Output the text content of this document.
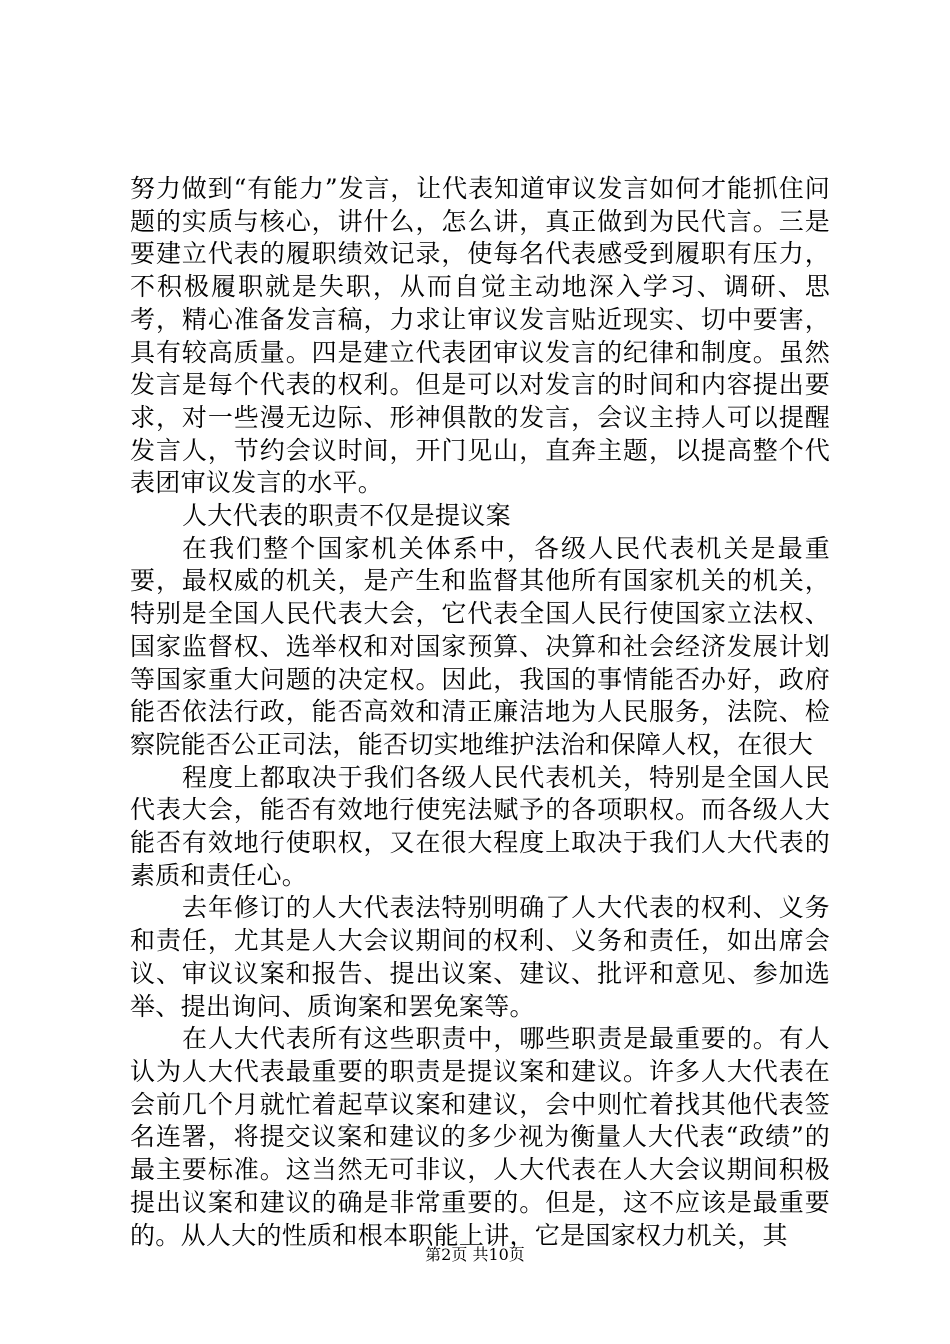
努力做到“有能力”发言，让代表知道审议发言如何才能抓住问题的实质与核心，讲什么，怎么讲，真正做到为民代言。三是要建立代表的履职绩效记录，使每名代表感受到履职有压力，不积极履职就是失职，从而自觉主动地深入学习、调研、思考，精心准备发言稿，力求让审议发言贴近现实、切中要害，具有较高质量。四是建立代表团审议发言的纪律和制度。虽然发言是每个代表的权利。但是可以对发言的时间和内容提出要求，对一些漫无边际、形神俱散的发言，会议主持人可以提醒发言人，节约会议时间，开门见山，直奔主题，以提高整个代表团审议发言的水平。

人大代表的职责不仅是提议案

在我们整个国家机关体系中，各级人民代表机关是最重要，最权威的机关，是产生和监督其他所有国家机关的机关，特别是全国人民代表大会，它代表全国人民行使国家立法权、国家监督权、选举权和对国家预算、决算和社会经济发展计划等国家重大问题的决定权。因此，我国的事情能否办好，政府能否依法行政，能否高效和清正廉洁地为人民服务，法院、检察院能否公正司法，能否切实地维护法治和保障人权，在很大

程度上都取决于我们各级人民代表机关，特别是全国人民代表大会，能否有效地行使宪法赋予的各项职权。而各级人大能否有效地行使职权，又在很大程度上取决于我们人大代表的素质和责任心。

去年修订的人大代表法特别明确了人大代表的权利、义务和责任，尤其是人大会议期间的权利、义务和责任，如出席会议、审议议案和报告、提出议案、建议、批评和意见、参加选举、提出询问、质询案和罢免案等。

在人大代表所有这些职责中，哪些职责是最重要的。有人认为人大代表最重要的职责是提议案和建议。许多人大代表在会前几个月就忙着起草议案和建议，会中则忙着找其他代表签名连署，将提交议案和建议的多少视为衡量人大代表“政绩”的最主要标准。这当然无可非议，人大代表在人大会议期间积极提出议案和建议的确是非常重要的。但是，这不应该是最重要的。从人大的性质和根本职能上讲，它是国家权力机关，其

第2页 共10页
